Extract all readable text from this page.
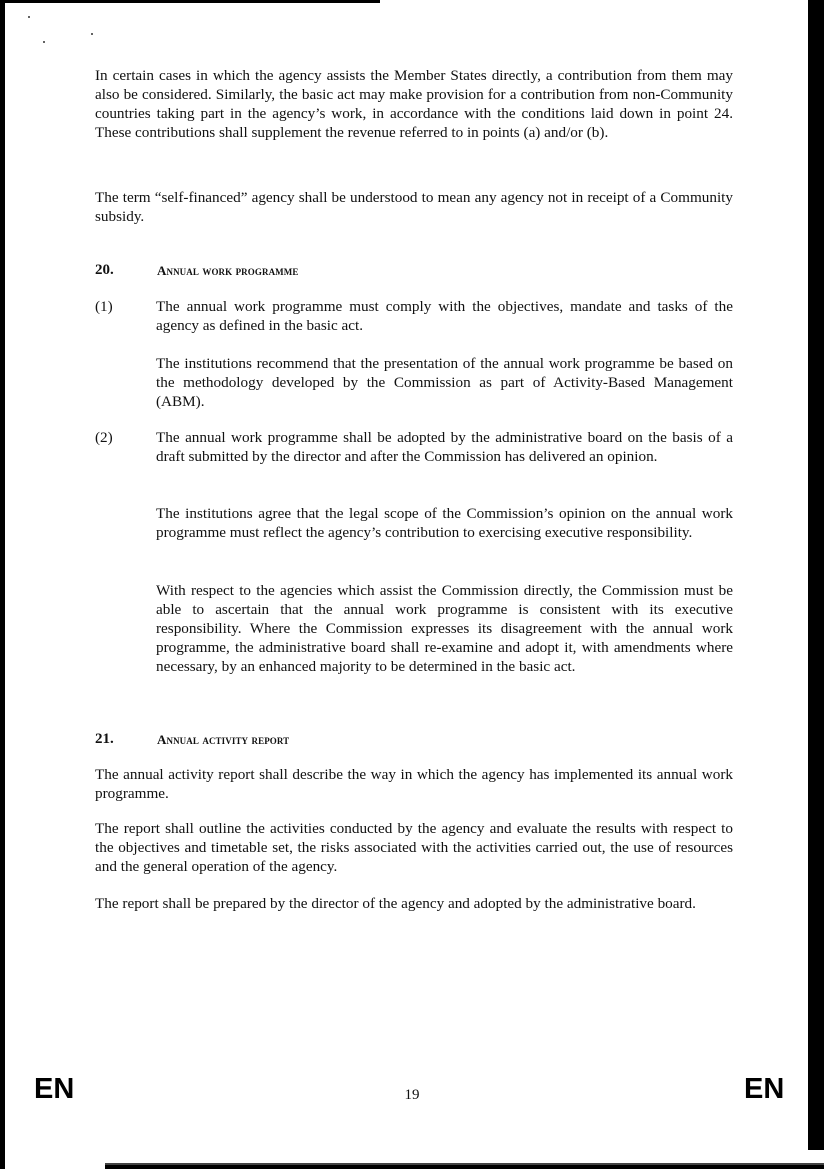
In certain cases in which the agency assists the Member States directly, a contribution from them may also be considered. Similarly, the basic act may make provision for a contribution from non-Community countries taking part in the agency’s work, in accordance with the conditions laid down in point 24. These contributions shall supplement the revenue referred to in points (a) and/or (b).

The term “self-financed” agency shall be understood to mean any agency not in receipt of a Community subsidy.

20.	Annual work programme
(1)	The annual work programme must comply with the objectives, mandate and tasks of the agency as defined in the basic act.

The institutions recommend that the presentation of the annual work programme be based on the methodology developed by the Commission as part of Activity-Based Management (ABM).

(2)	The annual work programme shall be adopted by the administrative board on the basis of a draft submitted by the director and after the Commission has delivered an opinion.

The institutions agree that the legal scope of the Commission’s opinion on the annual work programme must reflect the agency’s contribution to exercising executive responsibility.

With respect to the agencies which assist the Commission directly, the Commission must be able to ascertain that the annual work programme is consistent with its executive responsibility. Where the Commission expresses its disagreement with the annual work programme, the administrative board shall re-examine and adopt it, with amendments where necessary, by an enhanced majority to be determined in the basic act.

21.	Annual activity report

The annual activity report shall describe the way in which the agency has implemented its annual work programme.

The report shall outline the activities conducted by the agency and evaluate the results with respect to the objectives and timetable set, the risks associated with the activities carried out, the use of resources and the general operation of the agency.

The report shall be prepared by the director of the agency and adopted by the administrative board.

EN	19	EN
